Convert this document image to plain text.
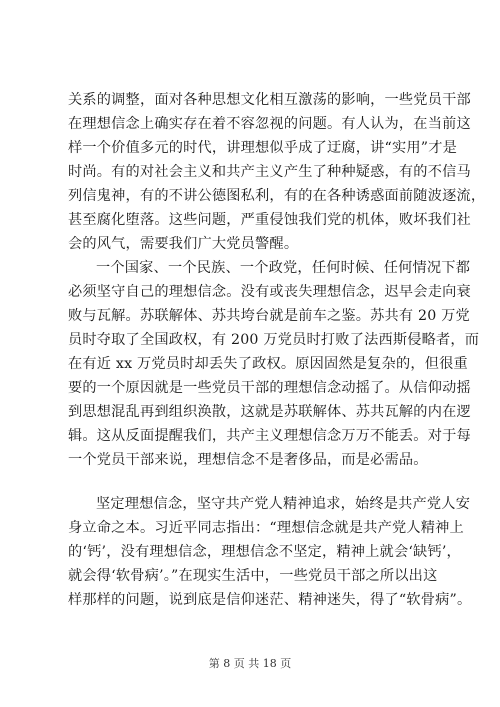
关系的调整，面对各种思想文化相互激荡的影响，一些党员干部
在理想信念上确实存在着不容忽视的问题。有人认为，在当前这
样一个价值多元的时代，讲理想似乎成了迂腐，讲“实用”才是
时尚。有的对社会主义和共产主义产生了种种疑惑，有的不信马
列信鬼神，有的不讲公德图私利，有的在各种诱惑面前随波逐流，
甚至腐化堕落。这些问题，严重侵蚀我们党的机体，败坏我们社
会的风气，需要我们广大党员警醒。

一个国家、一个民族、一个政党，任何时候、任何情况下都
必须坚守自己的理想信念。没有或丧失理想信念，迟早会走向衰
败与瓦解。苏联解体、苏共垮台就是前车之鉴。苏共有 20 万党
员时夺取了全国政权，有 200 万党员时打败了法西斯侵略者，而
在有近 xx 万党员时却丢失了政权。原因固然是复杂的，但很重
要的一个原因就是一些党员干部的理想信念动摇了。从信仰动摇
到思想混乱再到组织涣散，这就是苏联解体、苏共瓦解的内在逻
辑。这从反面提醒我们，共产主义理想信念万万不能丢。对于每
一个党员干部来说，理想信念不是奢侈品，而是必需品。

坚定理想信念，坚守共产党人精神追求，始终是共产党人安
身立命之本。习近平同志指出：“理想信念就是共产党人精神上
的‘钙’，没有理想信念，理想信念不坚定，精神上就会‘缺钙’，
就会得‘软骨病’。”在现实生活中，一些党员干部之所以出这
样那样的问题，说到底是信仰迷茫、精神迷失，得了“软骨病”。

第 8 页 共 18 页
